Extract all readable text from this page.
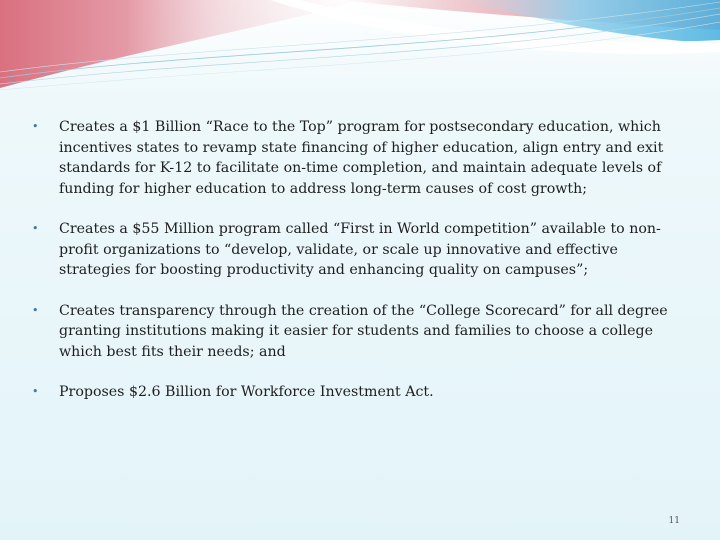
•	Creates a $1 Billion “Race to the Top” program for postsecondary education, which incentives states to revamp state financing of higher education, align entry and exit standards for K-12 to facilitate on-time completion, and maintain adequate levels of funding for higher education to address long-term causes of cost growth;
•	Creates a $55 Million program called “First in World competition” available to non-profit organizations to “develop, validate, or scale up innovative and effective strategies for boosting productivity and enhancing quality on campuses”;
•	Creates transparency through the creation of the “College Scorecard” for all degree granting institutions making it easier for students and families to choose a college which best fits their needs; and
•	Proposes $2.6 Billion for Workforce Investment Act.
11
